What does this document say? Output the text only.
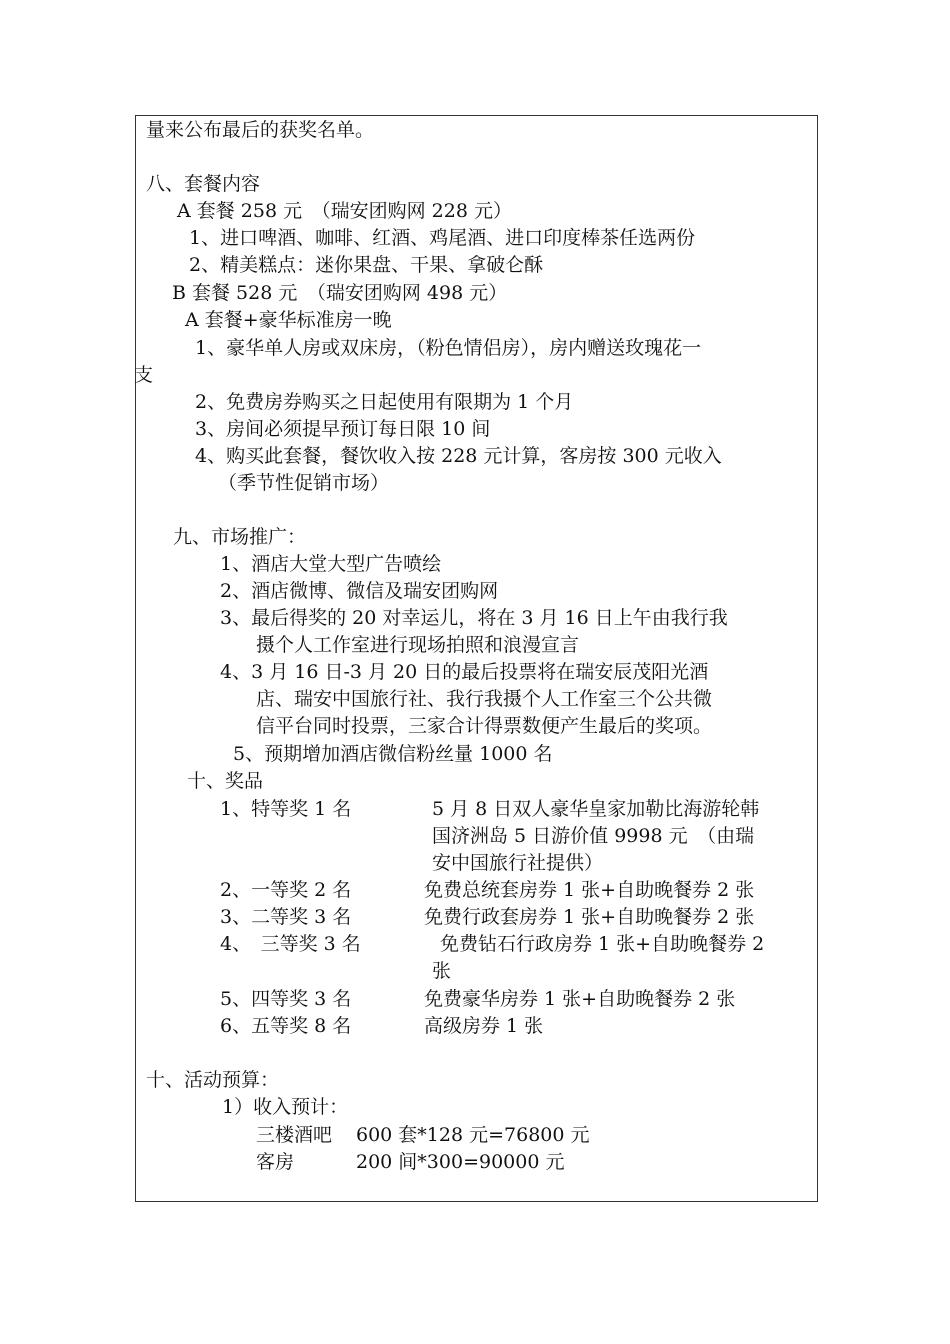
量来公布最后的获奖名单。
八、套餐内容
A 套餐 258 元　（瑞安团购网 228 元）
1、进口啤酒、咖啡、红酒、鸡尾酒、进口印度棒茶任选两份
2、精美糕点：迷你果盘、干果、拿破仑酥
B 套餐 528 元　（瑞安团购网 498 元）
A 套餐+豪华标准房一晚
1、豪华单人房或双床房，（粉色情侣房），房内赠送玫瑰花一
支
2、免费房券购买之日起使用有限期为 1 个月
3、房间必须提早预订每日限 10 间
4、购买此套餐，餐饮收入按 228 元计算，客房按 300 元收入
（季节性促销市场）
九、市场推广：
1、酒店大堂大型广告喷绘
2、酒店微博、微信及瑞安团购网
3、最后得奖的 20 对幸运儿，将在 3 月 16 日上午由我行我
摄个人工作室进行现场拍照和浪漫宣言
4、3 月 16 日-3 月 20 日的最后投票将在瑞安辰茂阳光酒
店、瑞安中国旅行社、我行我摄个人工作室三个公共微
信平台同时投票，三家合计得票数便产生最后的奖项。
5、预期增加酒店微信粉丝量 1000 名
十、奖品
1、特等奖 1 名	5 月 8 日双人豪华皇家加勒比海游轮韩
国济洲岛 5 日游价值 9998 元　（由瑞
安中国旅行社提供）
2、一等奖 2 名	免费总统套房券 1 张+自助晚餐券 2 张
3、二等奖 3 名	免费行政套房券 1 张+自助晚餐券 2 张
4、　三等奖 3 名	免费钻石行政房券 1 张+自助晚餐券 2
张
5、四等奖 3 名	免费豪华房券 1 张+自助晚餐券 2 张
6、五等奖 8 名	高级房券 1 张
十、活动预算：
1）收入预计：
三楼酒吧 600 套*128 元=76800 元
客房	200 间*300=90000 元
